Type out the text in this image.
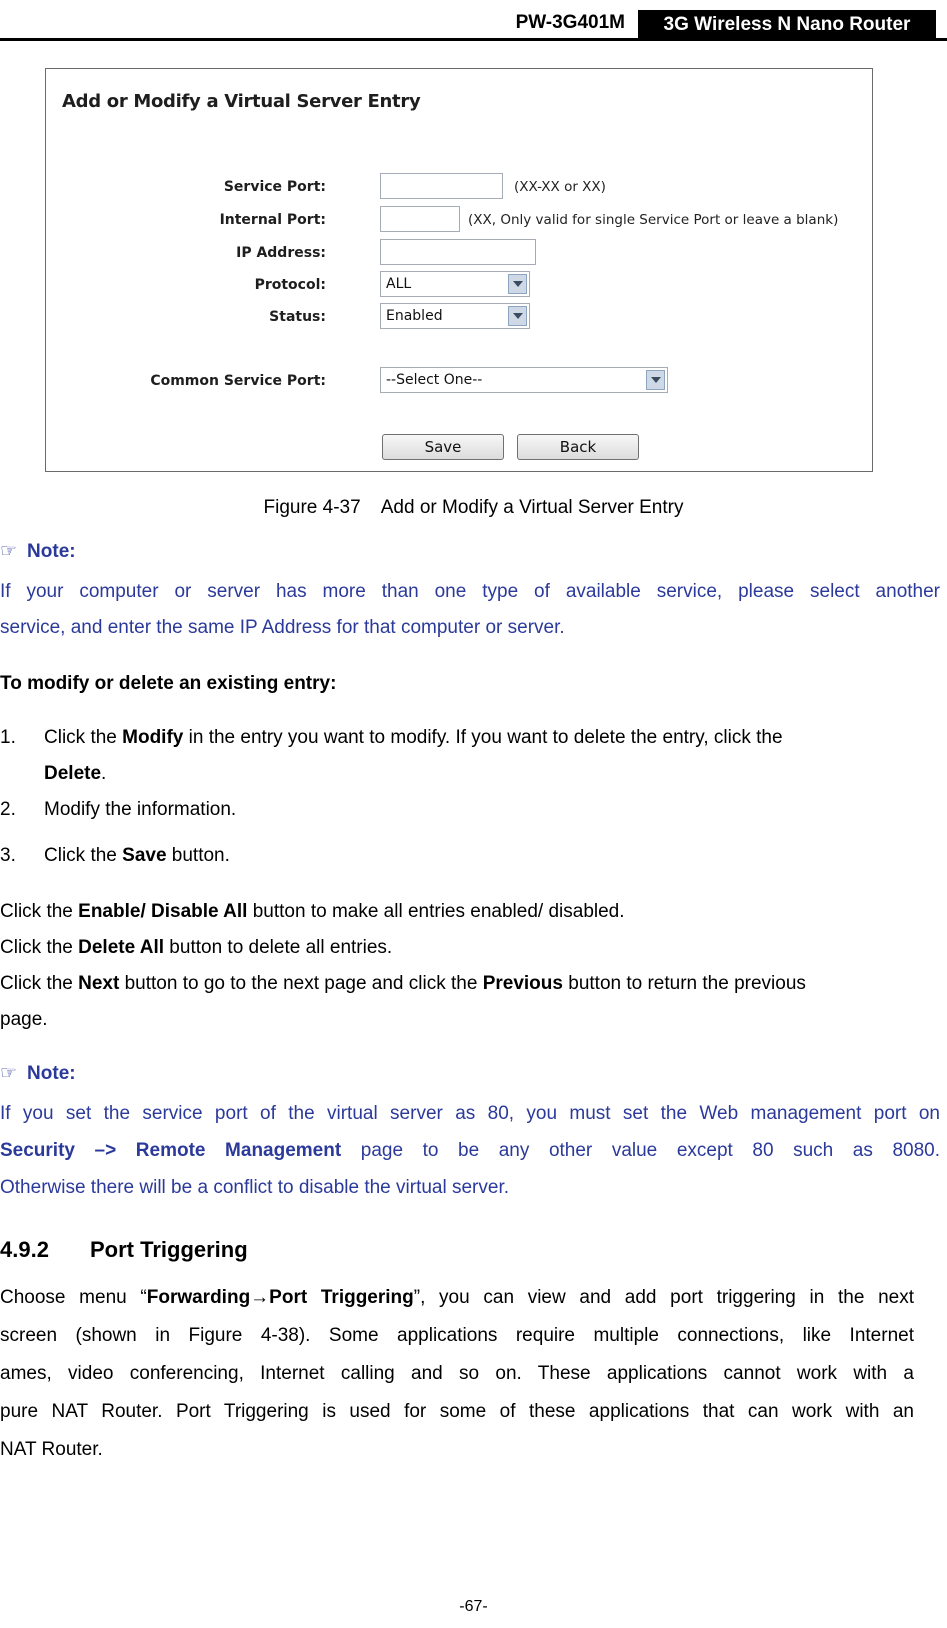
PW-3G401M	3G Wireless N Nano Router
Add or Modify a Virtual Server Entry
Service Port:	(XX-XX or XX)
Internal Port:	(XX, Only valid for single Service Port or leave a blank)
IP Address:
Protocol:	ALL
Status:	Enabled
Common Service Port:	--Select One--
Save	Back
Figure 4-37    Add or Modify a Virtual Server Entry
☞ Note:
If your computer or server has more than one type of available service, please select another
service, and enter the same IP Address for that computer or server.
To modify or delete an existing entry:
1. Click the Modify in the entry you want to modify. If you want to delete the entry, click the
Delete.
2. Modify the information.
3. Click the Save button.
Click the Enable/ Disable All button to make all entries enabled/ disabled.
Click the Delete All button to delete all entries.
Click the Next button to go to the next page and click the Previous button to return the previous
page.
☞ Note:
If you set the service port of the virtual server as 80, you must set the Web management port on
Security –> Remote Management page to be any other value except 80 such as 8080.
Otherwise there will be a conflict to disable the virtual server.
4.9.2 Port Triggering
Choose menu “Forwarding→Port Triggering”, you can view and add port triggering in the next
screen (shown in Figure 4-38). Some applications require multiple connections, like Internet
ames, video conferencing, Internet calling and so on. These applications cannot work with a
pure NAT Router. Port Triggering is used for some of these applications that can work with an
NAT Router.
-67-
